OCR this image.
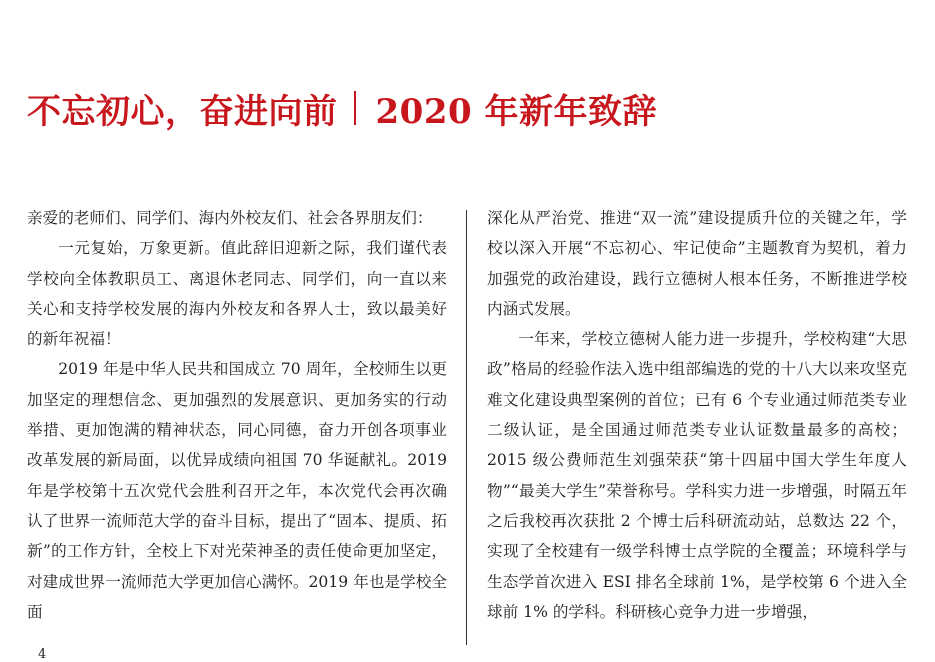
不忘初心，奋进向前 2020 年新年致辞

亲爱的老师们、同学们、海内外校友们、社会各界朋友们：

一元复始，万象更新。值此辞旧迎新之际，我们谨代表学校向全体教职员工、离退休老同志、同学们，向一直以来关心和支持学校发展的海内外校友和各界人士，致以最美好的新年祝福！

2019 年是中华人民共和国成立 70 周年，全校师生以更加坚定的理想信念、更加强烈的发展意识、更加务实的行动举措、更加饱满的精神状态，同心同德，奋力开创各项事业改革发展的新局面，以优异成绩向祖国 70 华诞献礼。2019 年是学校第十五次党代会胜利召开之年，本次党代会再次确认了世界一流师范大学的奋斗目标，提出了“固本、提质、拓新”的工作方针，全校上下对光荣神圣的责任使命更加坚定，对建成世界一流师范大学更加信心满怀。2019 年也是学校全面

深化从严治党、推进“双一流”建设提质升位的关键之年，学校以深入开展“不忘初心、牢记使命”主题教育为契机，着力加强党的政治建设，践行立德树人根本任务，不断推进学校内涵式发展。

一年来，学校立德树人能力进一步提升，学校构建“大思政”格局的经验作法入选中组部编选的党的十八大以来攻坚克难文化建设典型案例的首位；已有 6 个专业通过师范类专业二级认证，是全国通过师范类专业认证数量最多的高校；2015 级公费师范生刘强荣获“第十四届中国大学生年度人物”“最美大学生”荣誉称号。学科实力进一步增强，时隔五年之后我校再次获批 2 个博士后科研流动站，总数达 22 个，实现了全校建有一级学科博士点学院的全覆盖；环境科学与生态学首次进入 ESI 排名全球前 1%，是学校第 6 个进入全球前 1% 的学科。科研核心竞争力进一步增强，

4
